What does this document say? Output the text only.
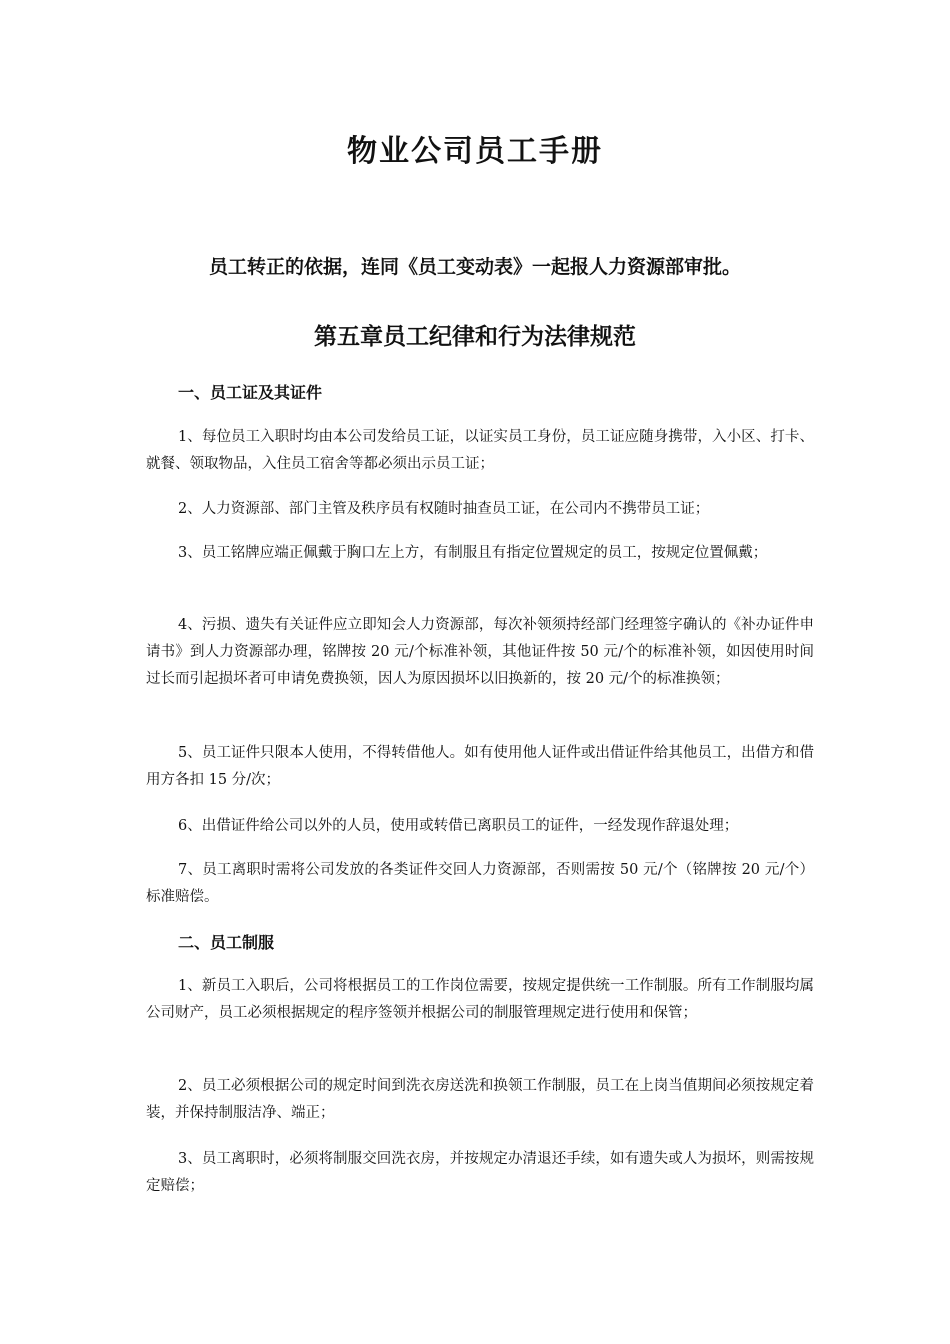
物业公司员工手册
员工转正的依据，连同《员工变动表》一起报人力资源部审批。
第五章员工纪律和行为法律规范
一、员工证及其证件

1、每位员工入职时均由本公司发给员工证，以证实员工身份，员工证应随身携带，入小区、打卡、就餐、领取物品，入住员工宿舍等都必须出示员工证；

2、人力资源部、部门主管及秩序员有权随时抽查员工证，在公司内不携带员工证；

3、员工铭牌应端正佩戴于胸口左上方，有制服且有指定位置规定的员工，按规定位置佩戴；

4、污损、遗失有关证件应立即知会人力资源部，每次补领须持经部门经理签字确认的《补办证件申请书》到人力资源部办理，铭牌按 20 元/个标准补领，其他证件按 50 元/个的标准补领，如因使用时间过长而引起损坏者可申请免费换领，因人为原因损坏以旧换新的，按 20 元/个的标准换领；

5、员工证件只限本人使用，不得转借他人。如有使用他人证件或出借证件给其他员工，出借方和借用方各扣 15 分/次；

6、出借证件给公司以外的人员，使用或转借已离职员工的证件，一经发现作辞退处理；

7、员工离职时需将公司发放的各类证件交回人力资源部，否则需按 50 元/个（铭牌按 20 元/个）标准赔偿。

二、员工制服

1、新员工入职后，公司将根据员工的工作岗位需要，按规定提供统一工作制服。所有工作制服均属公司财产，员工必须根据规定的程序签领并根据公司的制服管理规定进行使用和保管；

2、员工必须根据公司的规定时间到洗衣房送洗和换领工作制服，员工在上岗当值期间必须按规定着装，并保持制服洁净、端正；

3、员工离职时，必须将制服交回洗衣房，并按规定办清退还手续，如有遗失或人为损坏，则需按规定赔偿；
